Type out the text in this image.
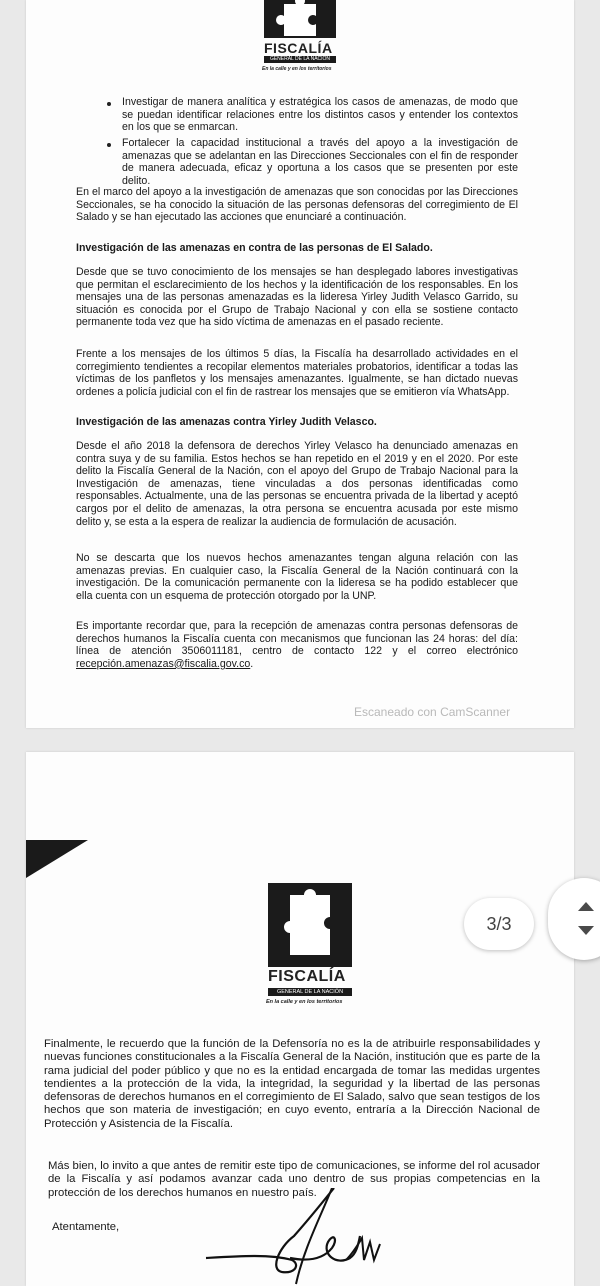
FISCALÍA
GENERAL DE LA NACIÓN
En la calle y en los territorios
Investigar de manera analítica y estratégica los casos de amenazas, de modo que se puedan identificar relaciones entre los distintos casos y entender los contextos en los que se enmarcan.
Fortalecer la capacidad institucional a través del apoyo a la investigación de amenazas que se adelantan en las Direcciones Seccionales con el fin de responder de manera adecuada, eficaz y oportuna a los casos que se presenten por este delito.
En el marco del apoyo a la investigación de amenazas que son conocidas por las Direcciones Seccionales, se ha conocido la situación de las personas defensoras del corregimiento de El Salado y se han ejecutado las acciones que enunciaré a continuación.
Investigación de las amenazas en contra de las personas de El Salado.
Desde que se tuvo conocimiento de los mensajes se han desplegado labores investigativas que permitan el esclarecimiento de los hechos y la identificación de los responsables. En los mensajes una de las personas amenazadas es la lideresa Yirley Judith Velasco Garrido, su situación es conocida por el Grupo de Trabajo Nacional y con ella se sostiene contacto permanente toda vez que ha sido víctima de amenazas en el pasado reciente.
Frente a los mensajes de los últimos 5 días, la Fiscalía ha desarrollado actividades en el corregimiento tendientes a recopilar elementos materiales probatorios, identificar a todas las víctimas de los panfletos y los mensajes amenazantes. Igualmente, se han dictado nuevas ordenes a policía judicial con el fin de rastrear los mensajes que se emitieron vía WhatsApp.
Investigación de las amenazas contra Yirley Judith Velasco.
Desde el año 2018 la defensora de derechos Yirley Velasco ha denunciado amenazas en contra suya y de su familia. Estos hechos se han repetido en el 2019 y en el 2020. Por este delito la Fiscalía General de la Nación, con el apoyo del Grupo de Trabajo Nacional para la Investigación de amenazas, tiene vinculadas a dos personas identificadas como responsables. Actualmente, una de las personas se encuentra privada de la libertad y aceptó cargos por el delito de amenazas, la otra persona se encuentra acusada por este mismo delito y, se esta a la espera de realizar la audiencia de formulación de acusación.
No se descarta que los nuevos hechos amenazantes tengan alguna relación con las amenazas previas. En cualquier caso, la Fiscalía General de la Nación continuará con la investigación. De la comunicación permanente con la lideresa se ha podido establecer que ella cuenta con un esquema de protección otorgado por la UNP.
Es importante recordar que, para la recepción de amenazas contra personas defensoras de derechos humanos la Fiscalía cuenta con mecanismos que funcionan las 24 horas: del día: línea de atención 3506011181, centro de contacto 122 y el correo electrónico recepción.amenazas@fiscalia.gov.co.
Escaneado con CamScanner
FISCALÍA
GENERAL DE LA NACIÓN
En la calle y en los territorios
Finalmente, le recuerdo que la función de la Defensoría no es la de atribuirle responsabilidades y nuevas funciones constitucionales a la Fiscalía General de la Nación, institución que es parte de la rama judicial del poder público y que no es la entidad encargada de tomar las medidas urgentes tendientes a la protección de la vida, la integridad, la seguridad y la libertad de las personas defensoras de derechos humanos en el corregimiento de El Salado, salvo que sean testigos de los hechos que son materia de investigación; en cuyo evento, entraría a la Dirección Nacional de Protección y Asistencia de la Fiscalía.
Más bien, lo invito a que antes de remitir este tipo de comunicaciones, se informe del rol acusador de la Fiscalía y así podamos avanzar cada uno dentro de sus propias competencias en la protección de los derechos humanos en nuestro país.
Atentamente,
3/3
